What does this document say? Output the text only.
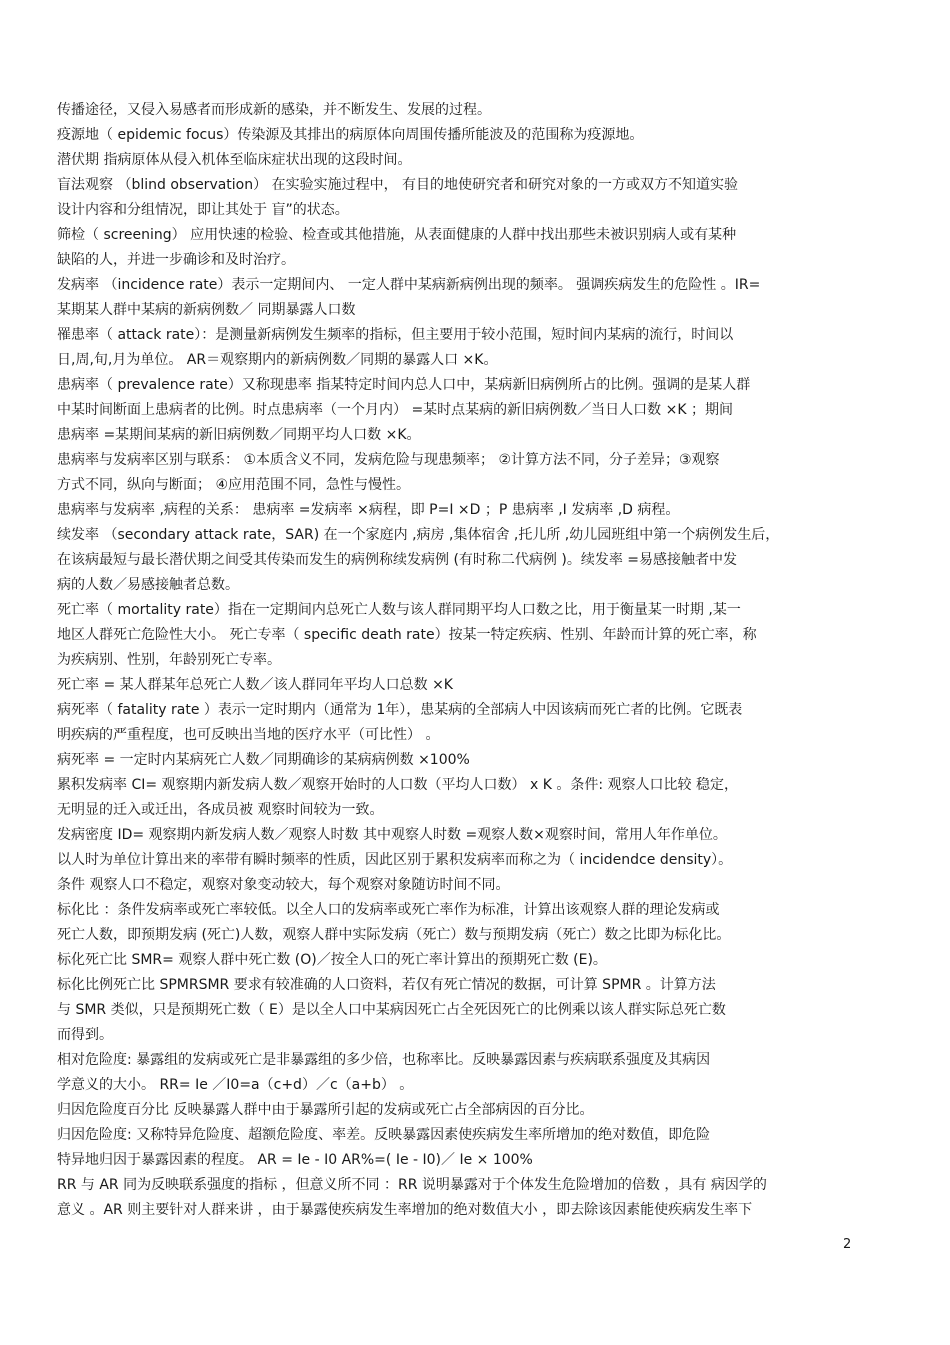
传播途径，又侵入易感者而形成新的感染，并不断发生、发展的过程。
疫源地（ epidemic focus）传染源及其排出的病原体向周围传播所能波及的范围称为疫源地。
潜伏期 指病原体从侵入机体至临床症状出现的这段时间。
盲法观察 （blind observation） 在实验实施过程中， 有目的地使研究者和研究对象的一方或双方不知道实验
设计内容和分组情况，即让其处于 盲”的状态。
筛检（ screening） 应用快速的检验、检查或其他措施，从表面健康的人群中找出那些未被识别病人或有某种
缺陷的人，并进一步确诊和及时治疗。
发病率 （incidence rate）表示一定期间内、 一定人群中某病新病例出现的频率。 强调疾病发生的危险性 。IR=
某期某人群中某病的新病例数／ 同期暴露人口数
罹患率（ attack rate）：是测量新病例发生频率的指标，但主要用于较小范围，短时间内某病的流行，时间以
日,周,旬,月为单位。 AR＝观察期内的新病例数／同期的暴露人口 ×K。
患病率（ prevalence rate）又称现患率 指某特定时间内总人口中，某病新旧病例所占的比例。强调的是某人群
中某时间断面上患病者的比例。时点患病率（一个月内） =某时点某病的新旧病例数／当日人口数 ×K ；期间
患病率 =某期间某病的新旧病例数／同期平均人口数 ×K。
患病率与发病率区别与联系： ①本质含义不同，发病危险与现患频率； ②计算方法不同，分子差异；③观察
方式不同，纵向与断面； ④应用范围不同，急性与慢性。
患病率与发病率 ,病程的关系： 患病率 =发病率 ×病程，即 P=I ×D ；P 患病率 ,I 发病率 ,D 病程。
续发率 （secondary attack rate，SAR) 在一个家庭内 ,病房 ,集体宿舍 ,托儿所 ,幼儿园班组中第一个病例发生后，
在该病最短与最长潜伏期之间受其传染而发生的病例称续发病例 (有时称二代病例 )。续发率 =易感接触者中发
病的人数／易感接触者总数。
死亡率（ mortality rate）指在一定期间内总死亡人数与该人群同期平均人口数之比，用于衡量某一时期 ,某一
地区人群死亡危险性大小。 死亡专率（ specific death rate）按某一特定疾病、性别、年龄而计算的死亡率，称
为疾病别、性别，年龄别死亡专率。
死亡率 = 某人群某年总死亡人数／该人群同年平均人口总数 ×K
病死率（ fatality rate ）表示一定时期内（通常为 1年），患某病的全部病人中因该病而死亡者的比例。它既表
明疾病的严重程度，也可反映出当地的医疗水平（可比性） 。
病死率 = 一定时内某病死亡人数／同期确诊的某病病例数 ×100%
累积发病率 CI= 观察期内新发病人数／观察开始时的人口数（平均人口数） x K 。条件: 观察人口比较 稳定，
无明显的迁入或迁出，各成员被 观察时间较为一致。
发病密度 ID= 观察期内新发病人数／观察人时数 其中观察人时数 =观察人数×观察时间，常用人年作单位。
以人时为单位计算出来的率带有瞬时频率的性质，因此区别于累积发病率而称之为（ incidendce density）。
条件 观察人口不稳定，观察对象变动较大，每个观察对象随访时间不同。
标化比 ：条件发病率或死亡率较低。以全人口的发病率或死亡率作为标准，计算出该观察人群的理论发病或
死亡人数，即预期发病 (死亡)人数，观察人群中实际发病（死亡）数与预期发病（死亡）数之比即为标化比。
标化死亡比 SMR= 观察人群中死亡数 (O)／按全人口的死亡率计算出的预期死亡数 (E)。
标化比例死亡比 SPMRSMR 要求有较准确的人口资料，若仅有死亡情况的数据，可计算 SPMR 。计算方法
与 SMR 类似，只是预期死亡数（ E）是以全人口中某病因死亡占全死因死亡的比例乘以该人群实际总死亡数
而得到。
相对危险度: 暴露组的发病或死亡是非暴露组的多少倍，也称率比。反映暴露因素与疾病联系强度及其病因
学意义的大小。 RR= Ie ／I0=a（c+d）／c（a+b） 。
归因危险度百分比 反映暴露人群中由于暴露所引起的发病或死亡占全部病因的百分比。
归因危险度: 又称特异危险度、超额危险度、率差。反映暴露因素使疾病发生率所增加的绝对数值，即危险
特异地归因于暴露因素的程度。 AR = Ie - I0 AR%=( Ie - I0)／ Ie × 100%
RR 与 AR 同为反映联系强度的指标 ，但意义所不同 ：RR 说明暴露对于个体发生危险增加的倍数 ，具有 病因学的
意义 。AR 则主要针对人群来讲 ，由于暴露使疾病发生率增加的绝对数值大小 ，即去除该因素能使疾病发生率下
2
